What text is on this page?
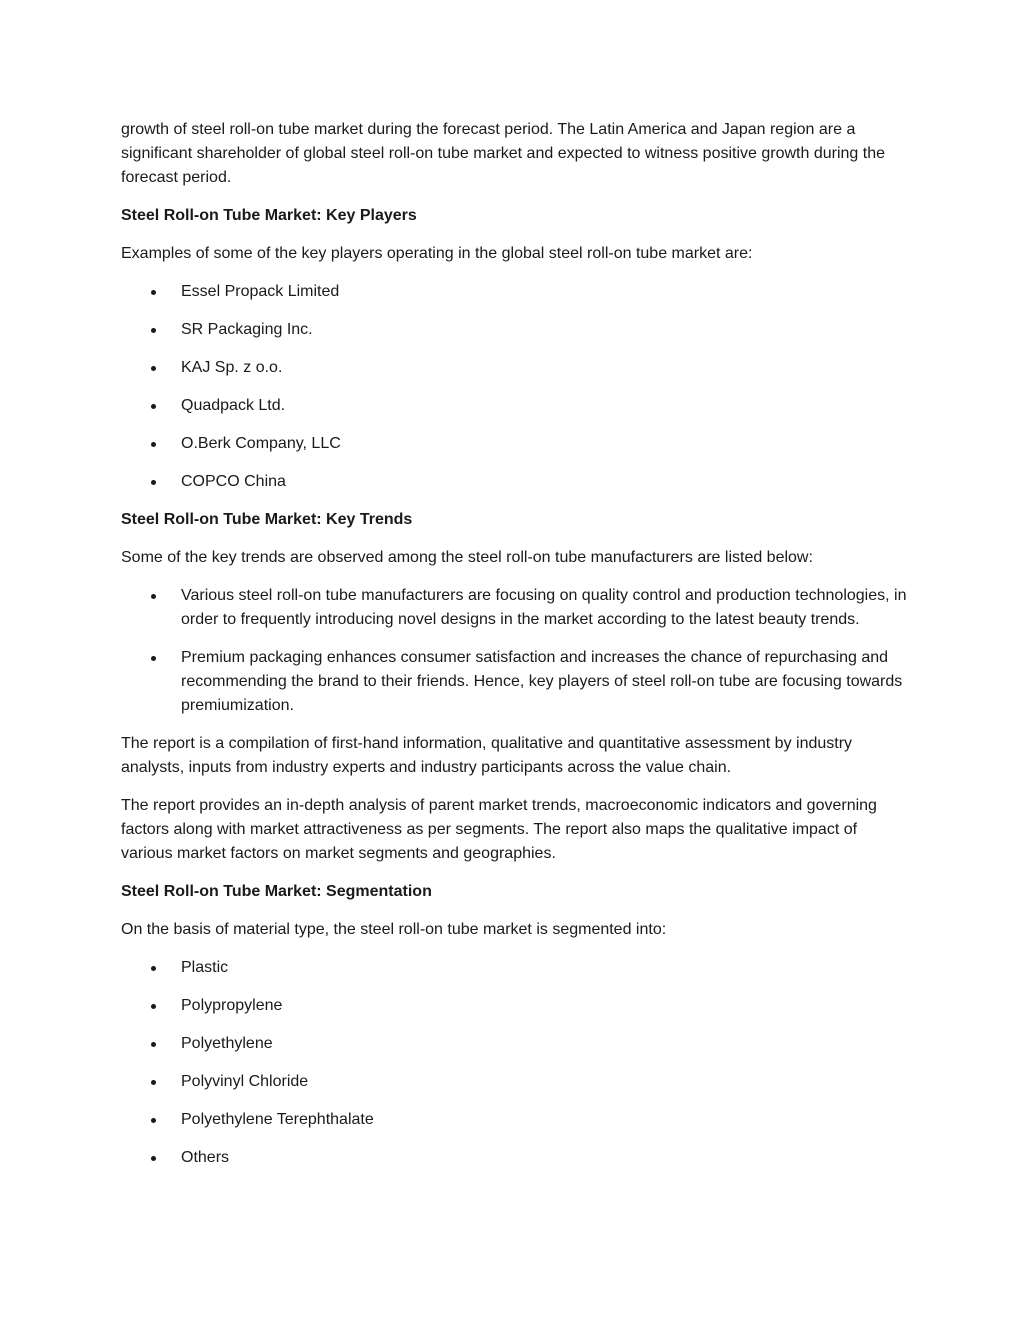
growth of steel roll-on tube market during the forecast period. The Latin America and Japan region are a significant shareholder of global steel roll-on tube market and expected to witness positive growth during the forecast period.

Steel Roll-on Tube Market: Key Players

Examples of some of the key players operating in the global steel roll-on tube market are:

Essel Propack Limited
SR Packaging Inc.
KAJ Sp. z o.o.
Quadpack Ltd.
O.Berk Company, LLC
COPCO China

Steel Roll-on Tube Market: Key Trends

Some of the key trends are observed among the steel roll-on tube manufacturers are listed below:

Various steel roll-on tube manufacturers are focusing on quality control and production technologies, in order to frequently introducing novel designs in the market according to the latest beauty trends.
Premium packaging enhances consumer satisfaction and increases the chance of repurchasing and recommending the brand to their friends. Hence, key players of steel roll-on tube are focusing towards premiumization.

The report is a compilation of first-hand information, qualitative and quantitative assessment by industry analysts, inputs from industry experts and industry participants across the value chain.

The report provides an in-depth analysis of parent market trends, macroeconomic indicators and governing factors along with market attractiveness as per segments. The report also maps the qualitative impact of various market factors on market segments and geographies.

Steel Roll-on Tube Market: Segmentation

On the basis of material type, the steel roll-on tube market is segmented into:

Plastic
Polypropylene
Polyethylene
Polyvinyl Chloride
Polyethylene Terephthalate
Others
